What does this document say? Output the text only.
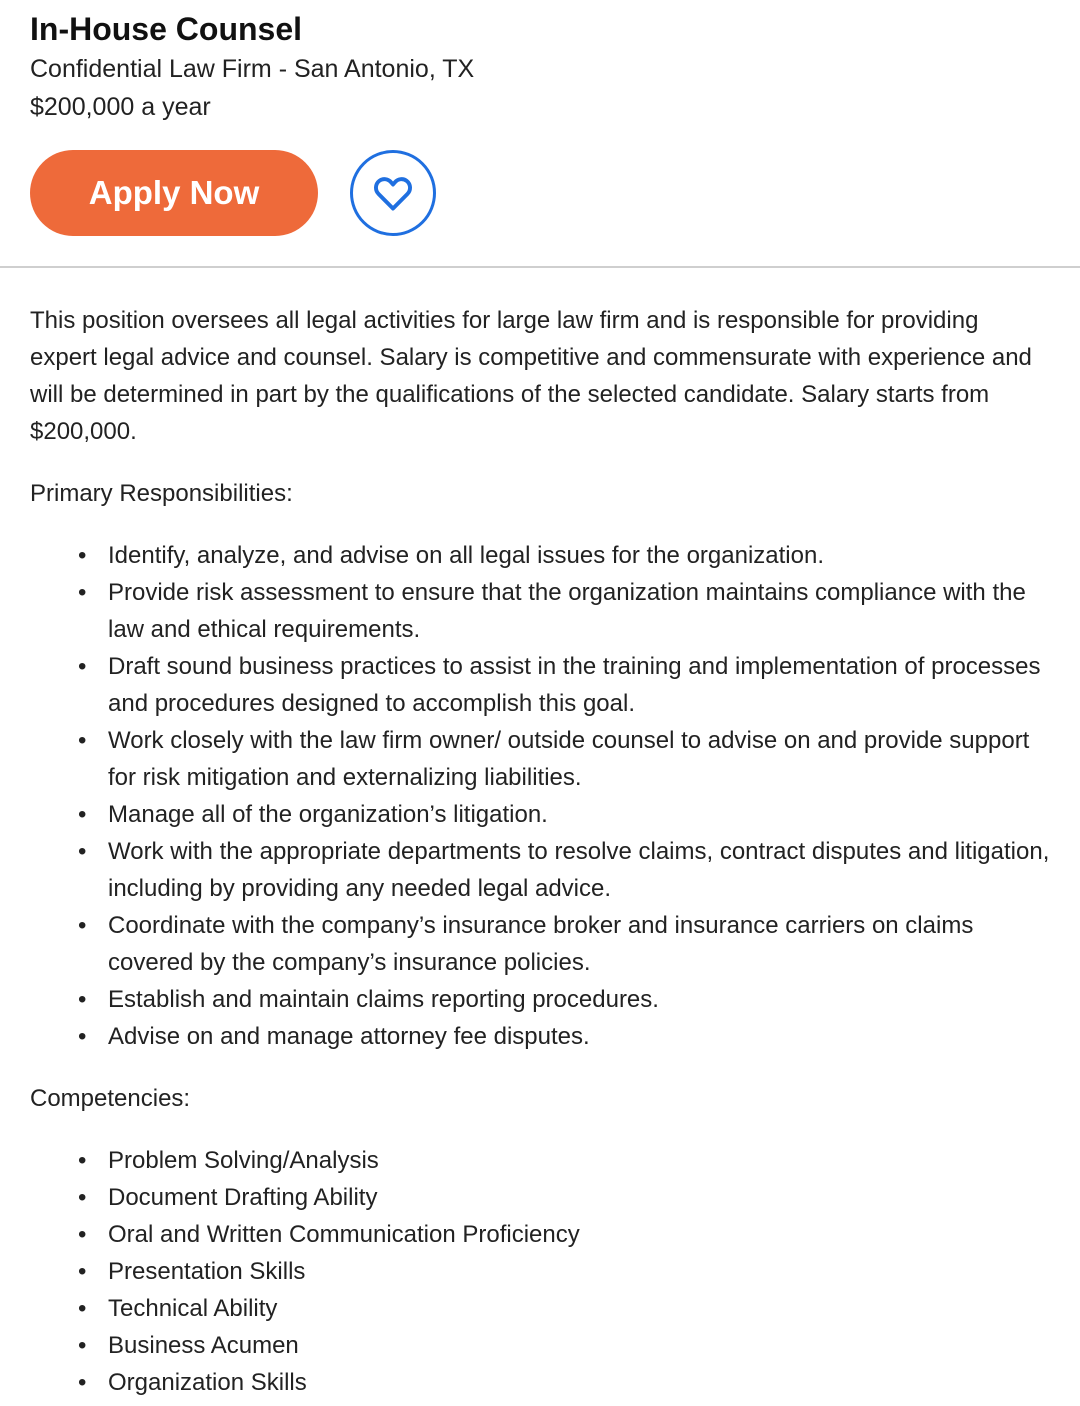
In-House Counsel
Confidential Law Firm - San Antonio, TX
$200,000 a year
Apply Now

This position oversees all legal activities for large law firm and is responsible for providing expert legal advice and counsel. Salary is competitive and commensurate with experience and will be determined in part by the qualifications of the selected candidate. Salary starts from $200,000.

Primary Responsibilities:

• Identify, analyze, and advise on all legal issues for the organization.
• Provide risk assessment to ensure that the organization maintains compliance with the law and ethical requirements.
• Draft sound business practices to assist in the training and implementation of processes and procedures designed to accomplish this goal.
• Work closely with the law firm owner/ outside counsel to advise on and provide support for risk mitigation and externalizing liabilities.
• Manage all of the organization’s litigation.
• Work with the appropriate departments to resolve claims, contract disputes and litigation, including by providing any needed legal advice.
• Coordinate with the company’s insurance broker and insurance carriers on claims covered by the company’s insurance policies.
• Establish and maintain claims reporting procedures.
• Advise on and manage attorney fee disputes.

Competencies:

• Problem Solving/Analysis
• Document Drafting Ability
• Oral and Written Communication Proficiency
• Presentation Skills
• Technical Ability
• Business Acumen
• Organization Skills
